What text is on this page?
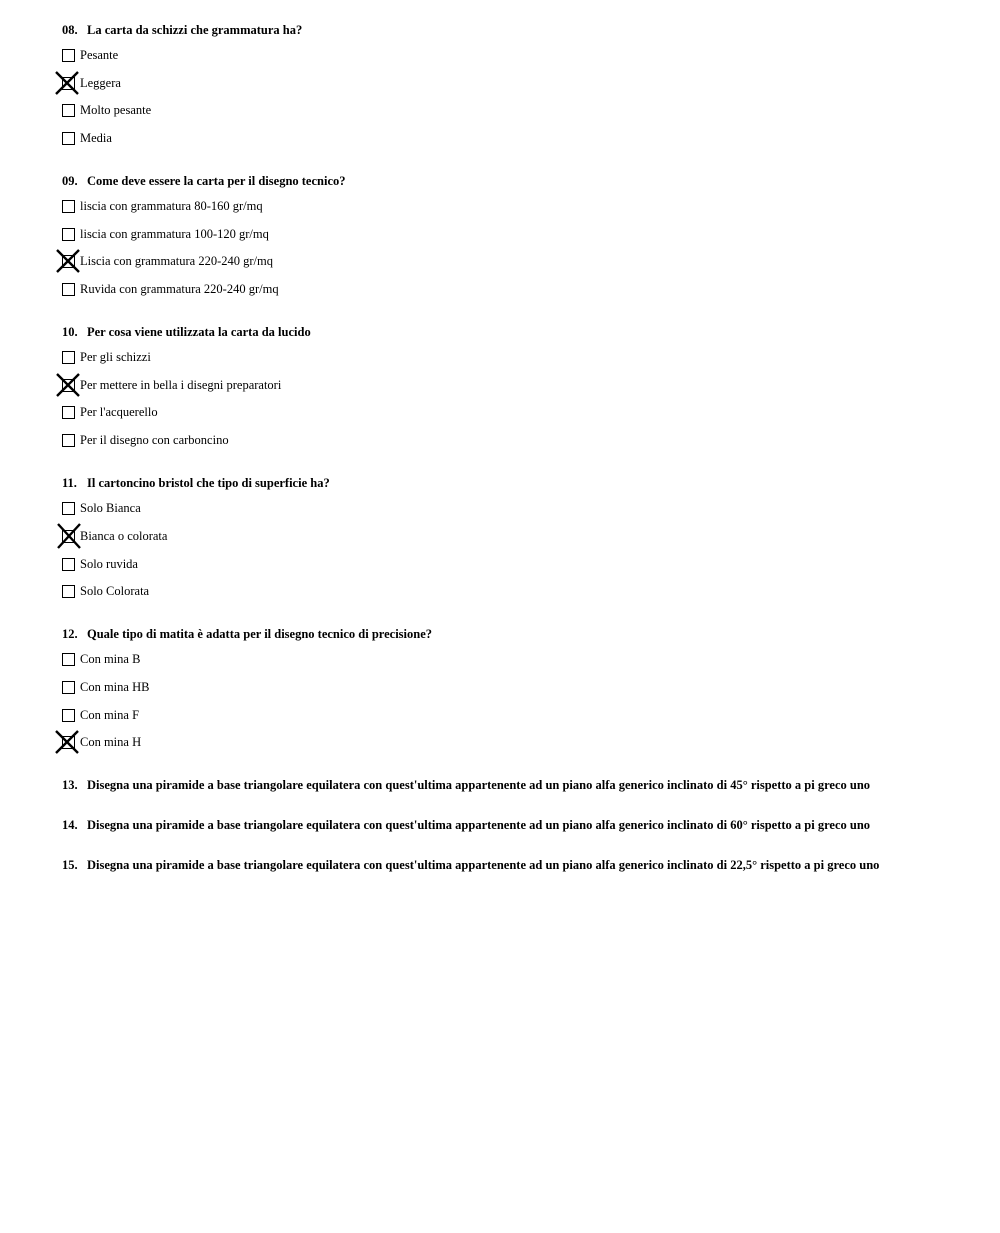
08. La carta da schizzi che grammatura ha?
Pesante
Leggera
Molto pesante
Media
09. Come deve essere la carta per il disegno tecnico?
liscia con grammatura 80-160 gr/mq
liscia con grammatura 100-120 gr/mq
Liscia con grammatura 220-240 gr/mq
Ruvida con grammatura 220-240 gr/mq
10. Per cosa viene utilizzata la carta da lucido
Per gli schizzi
Per mettere in bella i disegni preparatori
Per l'acquerello
Per il disegno con carboncino
11. Il cartoncino bristol che tipo di superficie ha?
Solo Bianca
Bianca o colorata
Solo ruvida
Solo Colorata
12. Quale tipo di matita è adatta per il disegno tecnico di precisione?
Con mina B
Con mina HB
Con mina F
Con mina H
13. Disegna una piramide a base triangolare equilatera con quest'ultima appartenente ad un piano alfa generico inclinato di 45° rispetto a pi greco uno
14. Disegna una piramide a base triangolare equilatera con quest'ultima appartenente ad un piano alfa generico inclinato di 60° rispetto a pi greco uno
15. Disegna una piramide a base triangolare equilatera con quest'ultima appartenente ad un piano alfa generico inclinato di 22,5° rispetto a pi greco uno
